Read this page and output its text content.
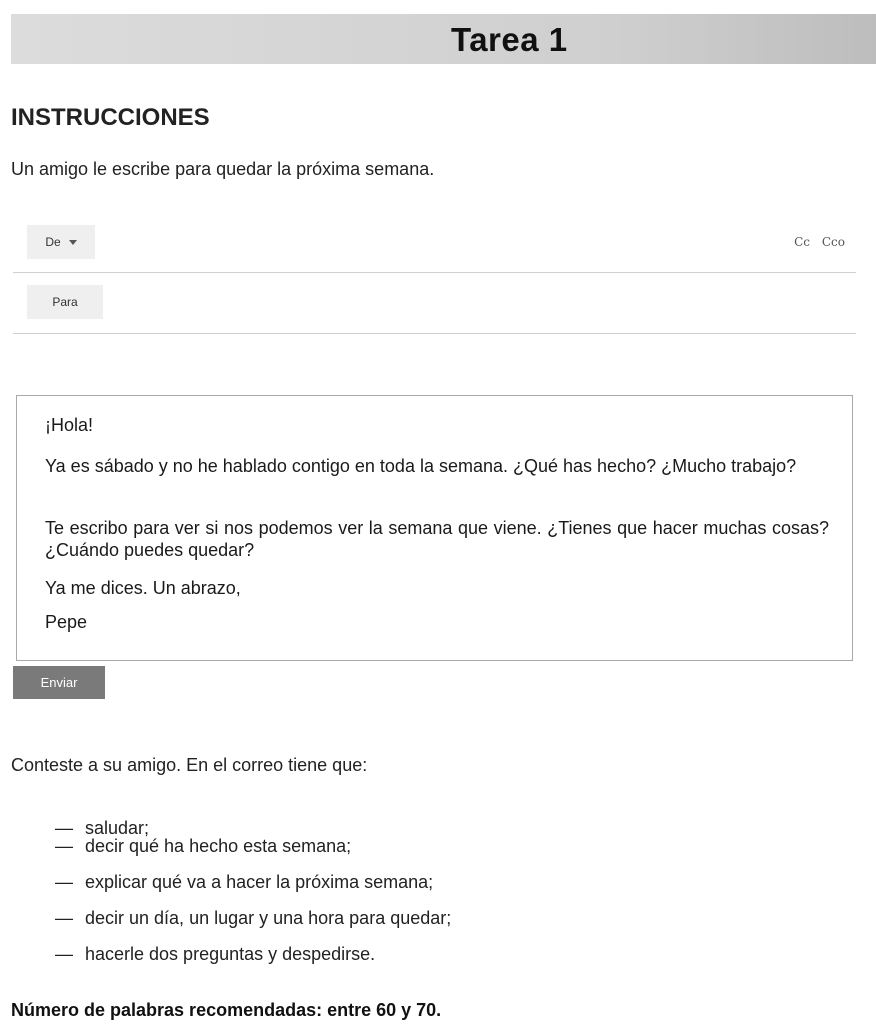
Tarea 1
INSTRUCCIONES
Un amigo le escribe para quedar la próxima semana.
De	Cc Cco
Para
¡Hola!
Ya es sábado y no he hablado contigo en toda la semana. ¿Qué has hecho? ¿Mucho trabajo?
Te escribo para ver si nos podemos ver la semana que viene. ¿Tienes que hacer muchas cosas? ¿Cuándo puedes quedar?
Ya me dices. Un abrazo,
Pepe
Enviar
Conteste a su amigo. En el correo tiene que:
— saludar;
— decir qué ha hecho esta semana;
— explicar qué va a hacer la próxima semana;
— decir un día, un lugar y una hora para quedar;
— hacerle dos preguntas y despedirse.
Número de palabras recomendadas: entre 60 y 70.
